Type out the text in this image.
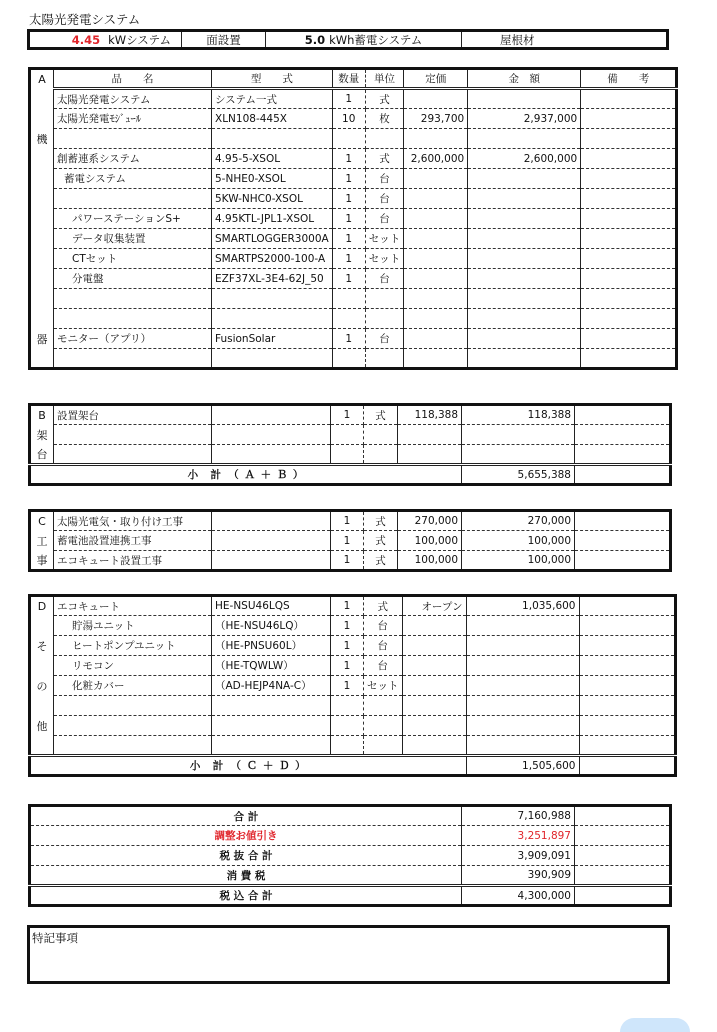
太陽光発電システム
4.45 kWシステム	面設置	5.0 kWh蓄電システム	屋根材
A	品　　名	型　　式	数量	単位	定価	金　額	備　　考
	太陽光発電システム	システム一式	1	式			
	太陽光発電ﾓｼﾞｭｰﾙ	XLN108-445X	10	枚	293,700	2,937,000	
機							
	創蓄連系システム	4.95-5-XSOL	1	式	2,600,000	2,600,000	
	蓄電システム	5-NHE0-XSOL	1	台			
		5KW-NHC0-XSOL	1	台			
	パワーステーションS+	4.95KTL-JPL1-XSOL	1	台			
	データ収集装置	SMARTLOGGER3000A	1	セット			
	CTセット	SMARTPS2000-100-A	1	セット			
	分電盤	EZF37XL-3E4-62J_50	1	台			

器	モニター（アプリ）	FusionSolar	1	台			

B	設置架台		1	式	118,388	118,388	
架							
台							
小　計　（ Ａ ＋ Ｂ ）						5,655,388	
C	太陽光電気・取り付け工事		1	式	270,000	270,000	
工	蓄電池設置連携工事		1	式	100,000	100,000	
事	エコキュート設置工事		1	式	100,000	100,000	
D	エコキュート	HE-NSU46LQS	1	式	オープン	1,035,600	
	貯湯ユニット	（HE-NSU46LQ）	1	台			
そ	ヒートポンプユニット	（HE-PNSU60L）	1	台			
	リモコン	（HE-TQWLW）	1	台			
の	化粧カバー	（AD-HEJP4NA-C）	1	セット			

他							

小　計　（ Ｃ ＋ Ｄ ）						1,505,600	
合 計	7,160,988	
調整お値引き	3,251,897	
税 抜 合 計	3,909,091	
消 費 税	390,909	
税 込 合 計	4,300,000	
特記事項
